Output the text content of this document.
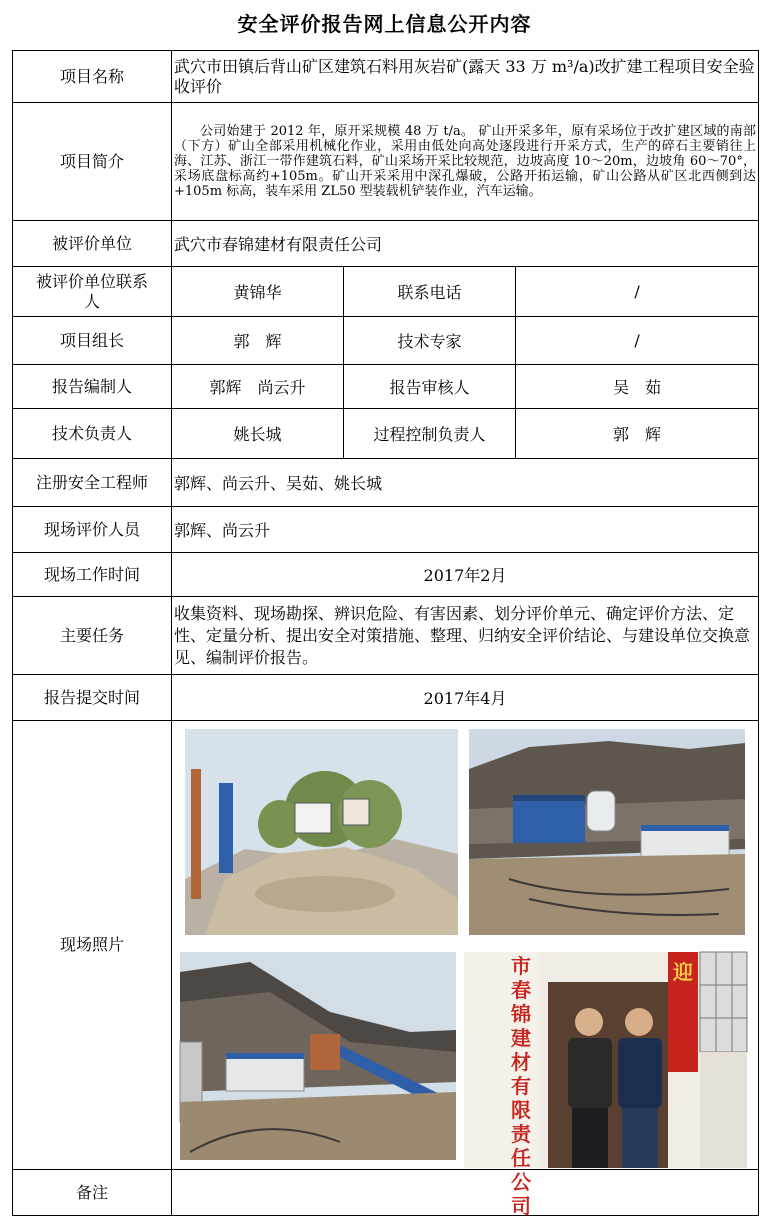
安全评价报告网上信息公开内容
项目名称	武穴市田镇后背山矿区建筑石料用灰岩矿(露天 33 万 m³/a)改扩建工程项目安全验收评价		
项目简介	公司始建于 2012 年，原开采规模 48 万 t/a。 矿山开采多年，原有采场位于改扩建区域的南部（下方）矿山全部采用机械化作业，采用由低处向高处逐段进行开采方式，生产的碎石主要销往上海、江苏、浙江一带作建筑石料，矿山采场开采比较规范，边坡高度 10～20m，边坡角 60～70°，采场底盘标高约+105m。矿山开采采用中深孔爆破，公路开拓运输，矿山公路从矿区北西侧到达+105m 标高，装车采用 ZL50 型装载机铲装作业，汽车运输。		
被评价单位	武穴市春锦建材有限责任公司		
被评价单位联系人	黄锦华	联系电话	/
项目组长	郭　辉	技术专家	/
报告编制人	郭辉　尚云升	报告审核人	吴　茹
技术负责人	姚长城	过程控制负责人	郭　辉
注册安全工程师	郭辉、尚云升、吴茹、姚长城		
现场评价人员	郭辉、尚云升		
现场工作时间	2017年2月		
主要任务	收集资料、现场勘探、辨识危险、有害因素、划分评价单元、确定评价方法、定性、定量分析、提出安全对策措施、整理、归纳安全评价结论、与建设单位交换意见、编制评价报告。		
报告提交时间	2017年4月		
现场照片	市春锦建材有限责任公司
迎		

备注			
